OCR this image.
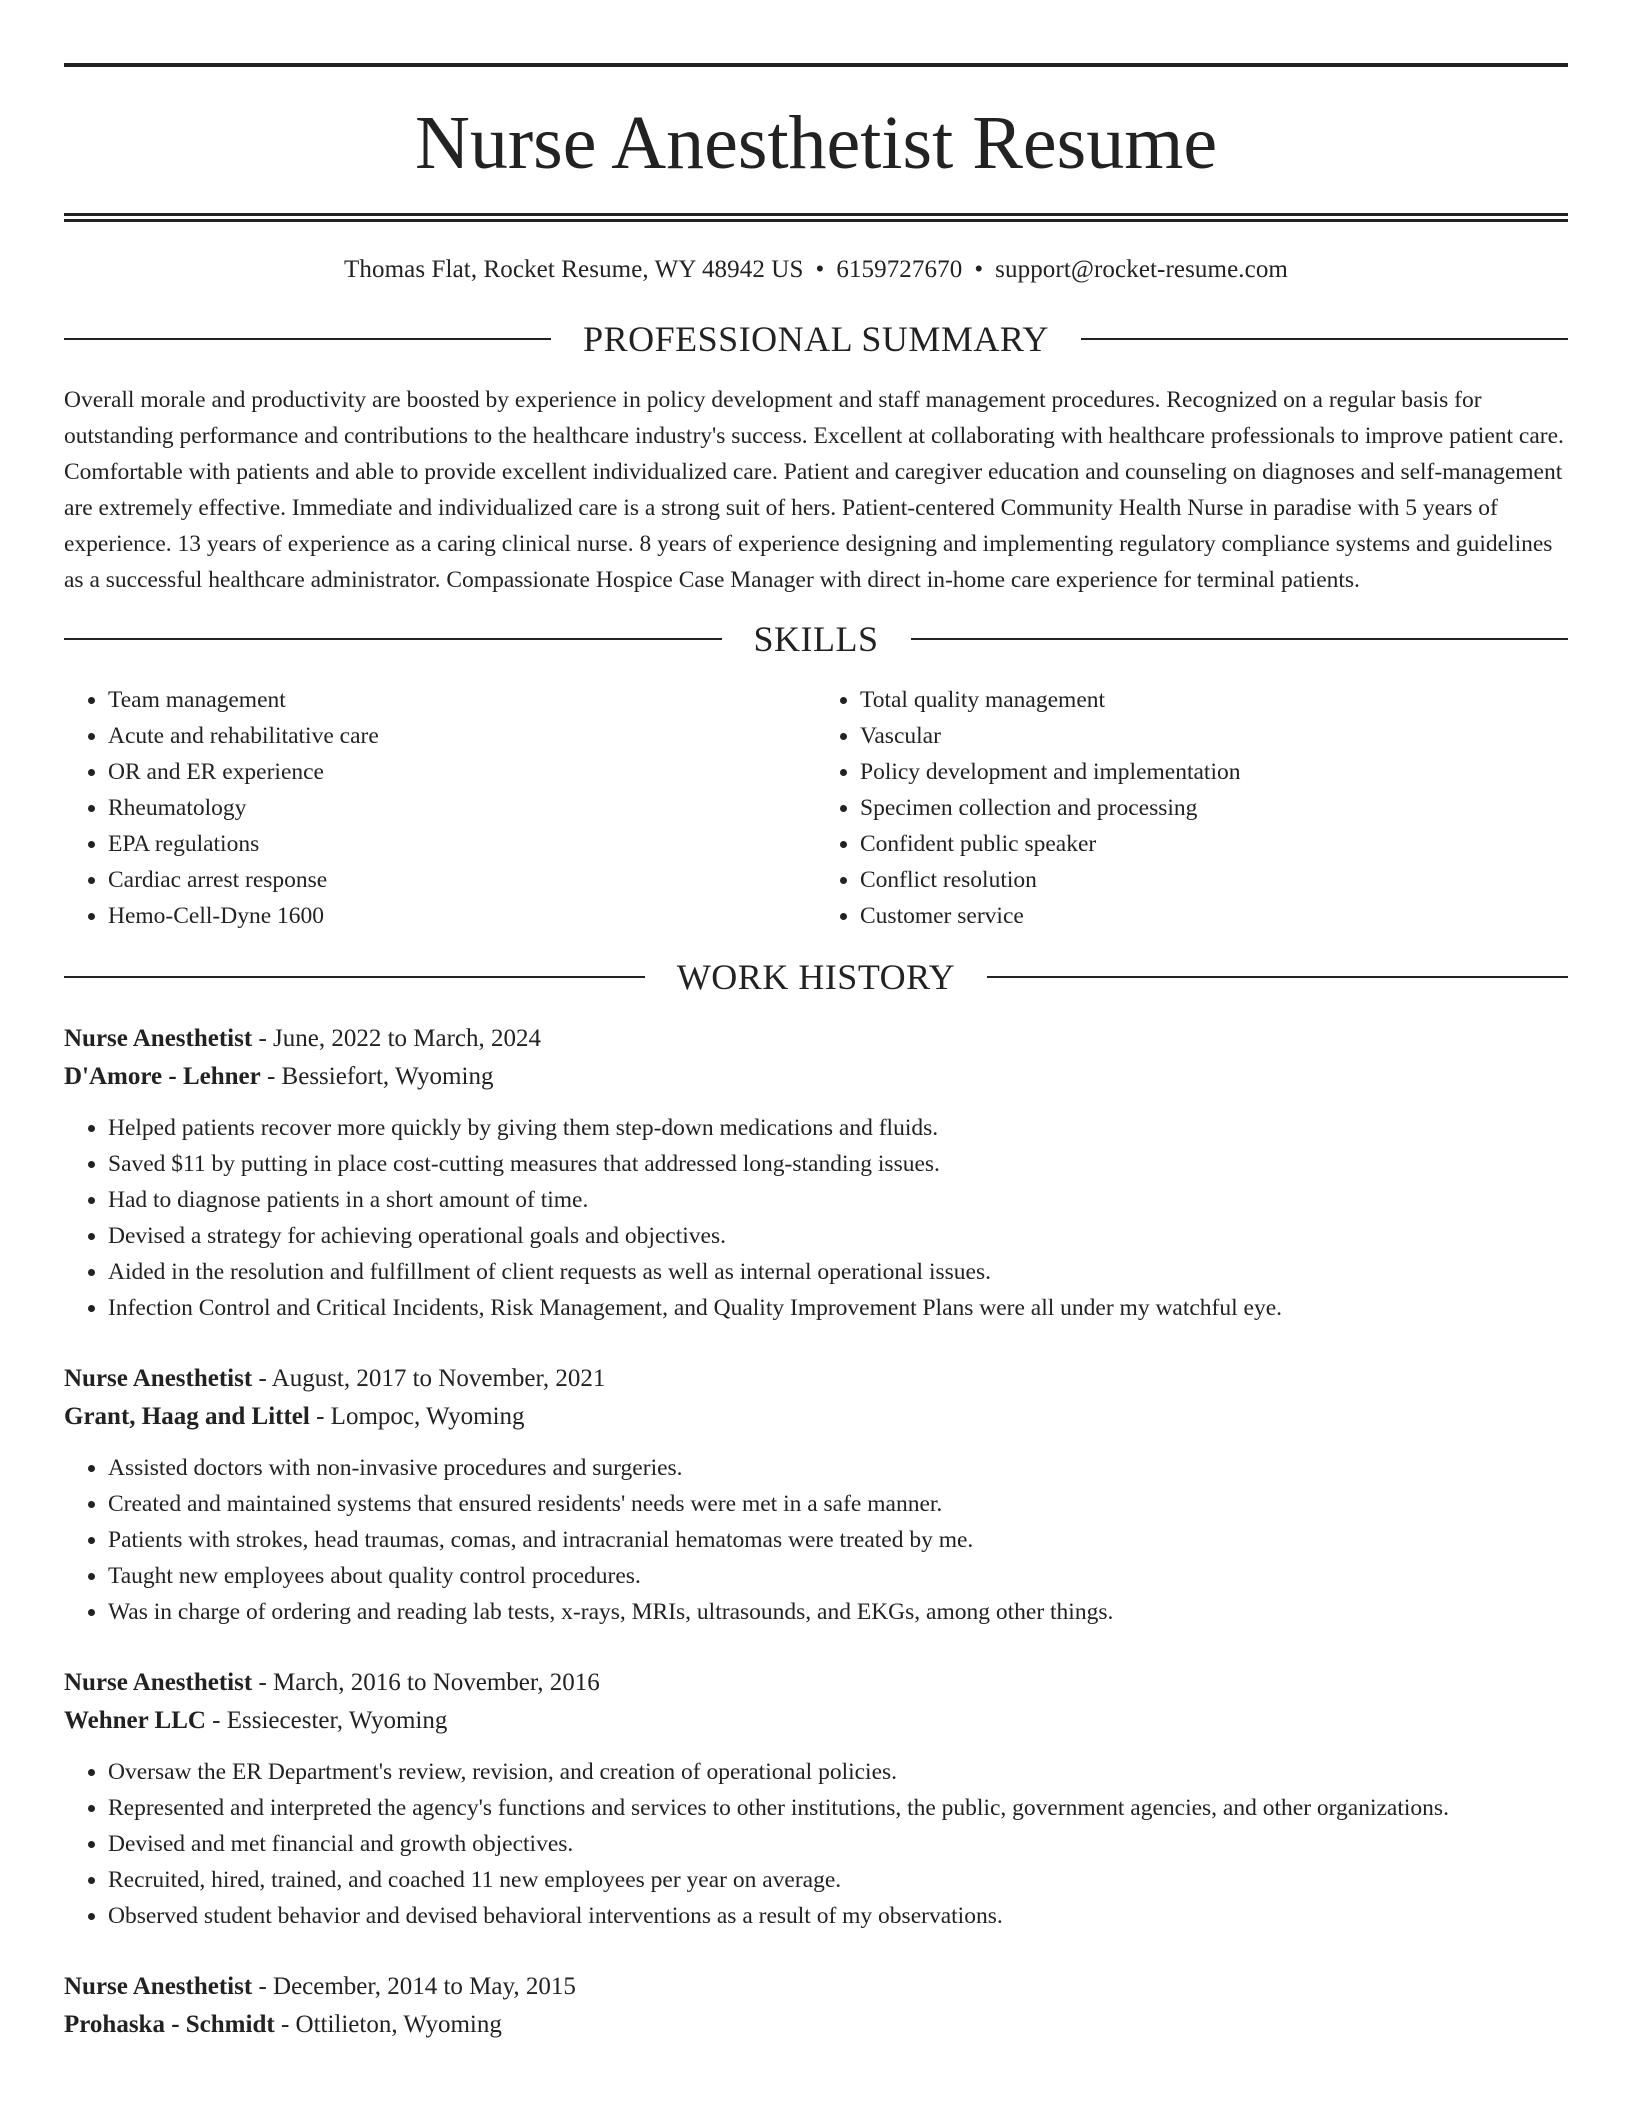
Nurse Anesthetist Resume
Thomas Flat, Rocket Resume, WY 48942 US • 6159727670 • support@rocket-resume.com
PROFESSIONAL SUMMARY

Overall morale and productivity are boosted by experience in policy development and staff management procedures. Recognized on a regular basis for outstanding performance and contributions to the healthcare industry's success. Excellent at collaborating with healthcare professionals to improve patient care. Comfortable with patients and able to provide excellent individualized care. Patient and caregiver education and counseling on diagnoses and self-management are extremely effective. Immediate and individualized care is a strong suit of hers. Patient-centered Community Health Nurse in paradise with 5 years of experience. 13 years of experience as a caring clinical nurse. 8 years of experience designing and implementing regulatory compliance systems and guidelines as a successful healthcare administrator. Compassionate Hospice Case Manager with direct in-home care experience for terminal patients.

SKILLS
• Team management
• Acute and rehabilitative care
• OR and ER experience
• Rheumatology
• EPA regulations
• Cardiac arrest response
• Hemo-Cell-Dyne 1600
• Total quality management
• Vascular
• Policy development and implementation
• Specimen collection and processing
• Confident public speaker
• Conflict resolution
• Customer service
WORK HISTORY
Nurse Anesthetist - June, 2022 to March, 2024
D'Amore - Lehner - Bessiefort, Wyoming
• Helped patients recover more quickly by giving them step-down medications and fluids.
• Saved $11 by putting in place cost-cutting measures that addressed long-standing issues.
• Had to diagnose patients in a short amount of time.
• Devised a strategy for achieving operational goals and objectives.
• Aided in the resolution and fulfillment of client requests as well as internal operational issues.
• Infection Control and Critical Incidents, Risk Management, and Quality Improvement Plans were all under my watchful eye.
Nurse Anesthetist - August, 2017 to November, 2021
Grant, Haag and Littel - Lompoc, Wyoming
• Assisted doctors with non-invasive procedures and surgeries.
• Created and maintained systems that ensured residents' needs were met in a safe manner.
• Patients with strokes, head traumas, comas, and intracranial hematomas were treated by me.
• Taught new employees about quality control procedures.
• Was in charge of ordering and reading lab tests, x-rays, MRIs, ultrasounds, and EKGs, among other things.
Nurse Anesthetist - March, 2016 to November, 2016
Wehner LLC - Essiecester, Wyoming
• Oversaw the ER Department's review, revision, and creation of operational policies.
• Represented and interpreted the agency's functions and services to other institutions, the public, government agencies, and other organizations.
• Devised and met financial and growth objectives.
• Recruited, hired, trained, and coached 11 new employees per year on average.
• Observed student behavior and devised behavioral interventions as a result of my observations.
Nurse Anesthetist - December, 2014 to May, 2015
Prohaska - Schmidt - Ottilieton, Wyoming
